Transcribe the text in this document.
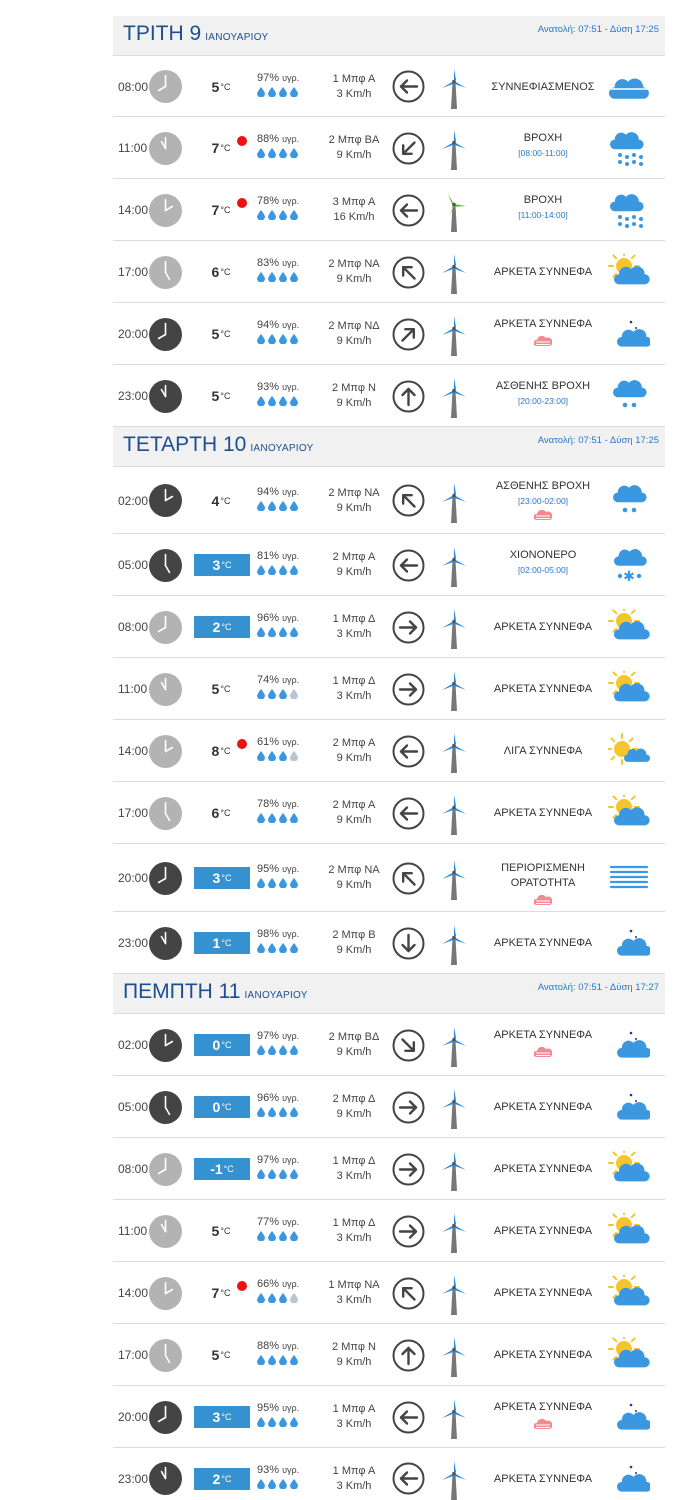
ΤΡΙΤΗ 9 ΙΑΝΟΥΑΡΙΟΥ
Ανατολή: 07:51 - Δύση 17:25
08:00	$5^{^\circ C}$
97% υγρ.	1 Μπφ Α
3 Km/h
ΣΥΝΝΕΦΙΑΣΜΕΝΟΣ
11:00	$7^{^\circ C}$
88% υγρ.	2 Μπφ ΒΑ
9 Km/h
ΒΡΟΧΗ
[08:00-11:00]
14:00	$7^{^\circ C}$
78% υγρ.	3 Μπφ Α
16 Km/h
ΒΡΟΧΗ
[11:00-14:00]
17:00	$6^{^\circ C}$
83% υγρ.	2 Μπφ ΝΑ
9 Km/h
ΑΡΚΕΤΑ ΣΥΝΝΕΦΑ
20:00	$5^{^\circ C}$
94% υγρ.	2 Μπφ ΝΔ
9 Km/h
ΑΡΚΕΤΑ ΣΥΝΝΕΦΑ
23:00	$5^{^\circ C}$
93% υγρ.	2 Μπφ Ν
9 Km/h
ΑΣΘΕΝΗΣ ΒΡΟΧΗ
[20:00-23:00]
ΤΕΤΑΡΤΗ 10 ΙΑΝΟΥΑΡΙΟΥ
Ανατολή: 07:51 - Δύση 17:25
02:00	$4^{^\circ C}$
94% υγρ.	2 Μπφ ΝΑ
9 Km/h
ΑΣΘΕΝΗΣ ΒΡΟΧΗ
[23:00-02:00]
05:00	$3^{^\circ C}$
81% υγρ.	2 Μπφ Α
9 Km/h
ΧΙΟΝΟΝΕΡΟ
[02:00-05:00]	✱
08:00	$2^{^\circ C}$
96% υγρ.	1 Μπφ Δ
3 Km/h
ΑΡΚΕΤΑ ΣΥΝΝΕΦΑ
11:00	$5^{^\circ C}$
74% υγρ.	1 Μπφ Δ
3 Km/h
ΑΡΚΕΤΑ ΣΥΝΝΕΦΑ
14:00	$8^{^\circ C}$
61% υγρ.	2 Μπφ Α
9 Km/h
ΛΙΓΑ ΣΥΝΝΕΦΑ
17:00	$6^{^\circ C}$
78% υγρ.	2 Μπφ Α
9 Km/h
ΑΡΚΕΤΑ ΣΥΝΝΕΦΑ
20:00	$3^{^\circ C}$
95% υγρ.	2 Μπφ ΝΑ
9 Km/h
ΠΕΡΙΟΡΙΣΜΕΝΗ ΟΡΑΤΟΤΗΤΑ
23:00	$1^{^\circ C}$
98% υγρ.	2 Μπφ Β
9 Km/h
ΑΡΚΕΤΑ ΣΥΝΝΕΦΑ
ΠΕΜΠΤΗ 11 ΙΑΝΟΥΑΡΙΟΥ
Ανατολή: 07:51 - Δύση 17:27
02:00	$0^{^\circ C}$
97% υγρ.	2 Μπφ ΒΔ
9 Km/h
ΑΡΚΕΤΑ ΣΥΝΝΕΦΑ
05:00	$0^{^\circ C}$
96% υγρ.	2 Μπφ Δ
9 Km/h
ΑΡΚΕΤΑ ΣΥΝΝΕΦΑ
08:00	$-1^{^\circ C}$
97% υγρ.	1 Μπφ Δ
3 Km/h
ΑΡΚΕΤΑ ΣΥΝΝΕΦΑ
11:00	$5^{^\circ C}$
77% υγρ.	1 Μπφ Δ
3 Km/h
ΑΡΚΕΤΑ ΣΥΝΝΕΦΑ
14:00	$7^{^\circ C}$
66% υγρ.	1 Μπφ ΝΑ
3 Km/h
ΑΡΚΕΤΑ ΣΥΝΝΕΦΑ
17:00	$5^{^\circ C}$
88% υγρ.	2 Μπφ Ν
9 Km/h
ΑΡΚΕΤΑ ΣΥΝΝΕΦΑ
20:00	$3^{^\circ C}$
95% υγρ.	1 Μπφ Α
3 Km/h
ΑΡΚΕΤΑ ΣΥΝΝΕΦΑ
23:00	$2^{^\circ C}$
93% υγρ.	1 Μπφ Α
3 Km/h
ΑΡΚΕΤΑ ΣΥΝΝΕΦΑ
